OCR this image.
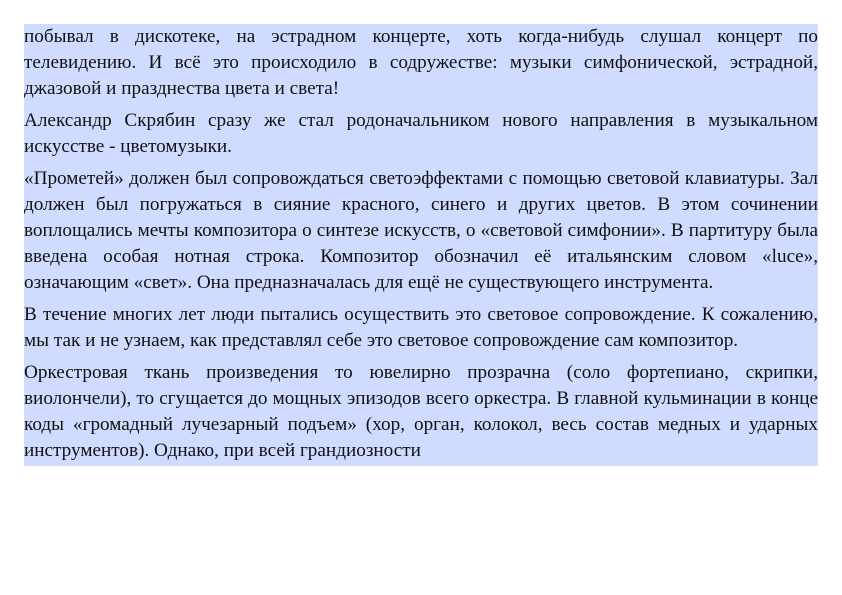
побывал в дискотеке, на эстрадном концерте, хоть когда-нибудь слушал концерт по телевидению. И всё это происходило в содружестве: музыки симфонической, эстрадной, джазовой и празднества цвета и света!

Александр Скрябин сразу же стал родоначальником нового направления в музыкальном искусстве - цветомузыки.

«Прометей» должен был сопровождаться светоэффектами с помощью световой клавиатуры. Зал должен был погружаться в сияние красного, синего и других цветов. В этом сочинении воплощались мечты композитора о синтезе искусств, о «световой симфонии». В партитуру была введена особая нотная строка. Композитор обозначил её итальянским словом «luce», означающим «свет». Она предназначалась для ещё не существующего инструмента.

В течение многих лет люди пытались осуществить это световое сопровождение. К сожалению, мы так и не узнаем, как представлял себе это световое сопровождение сам композитор.

Оркестровая ткань произведения то ювелирно прозрачна (соло фортепиано, скрипки, виолончели), то сгущается до мощных эпизодов всего оркестра. В главной кульминации в конце коды «громадный лучезарный подъем» (хор, орган, колокол, весь состав медных и ударных инструментов). Однако, при всей грандиозности
